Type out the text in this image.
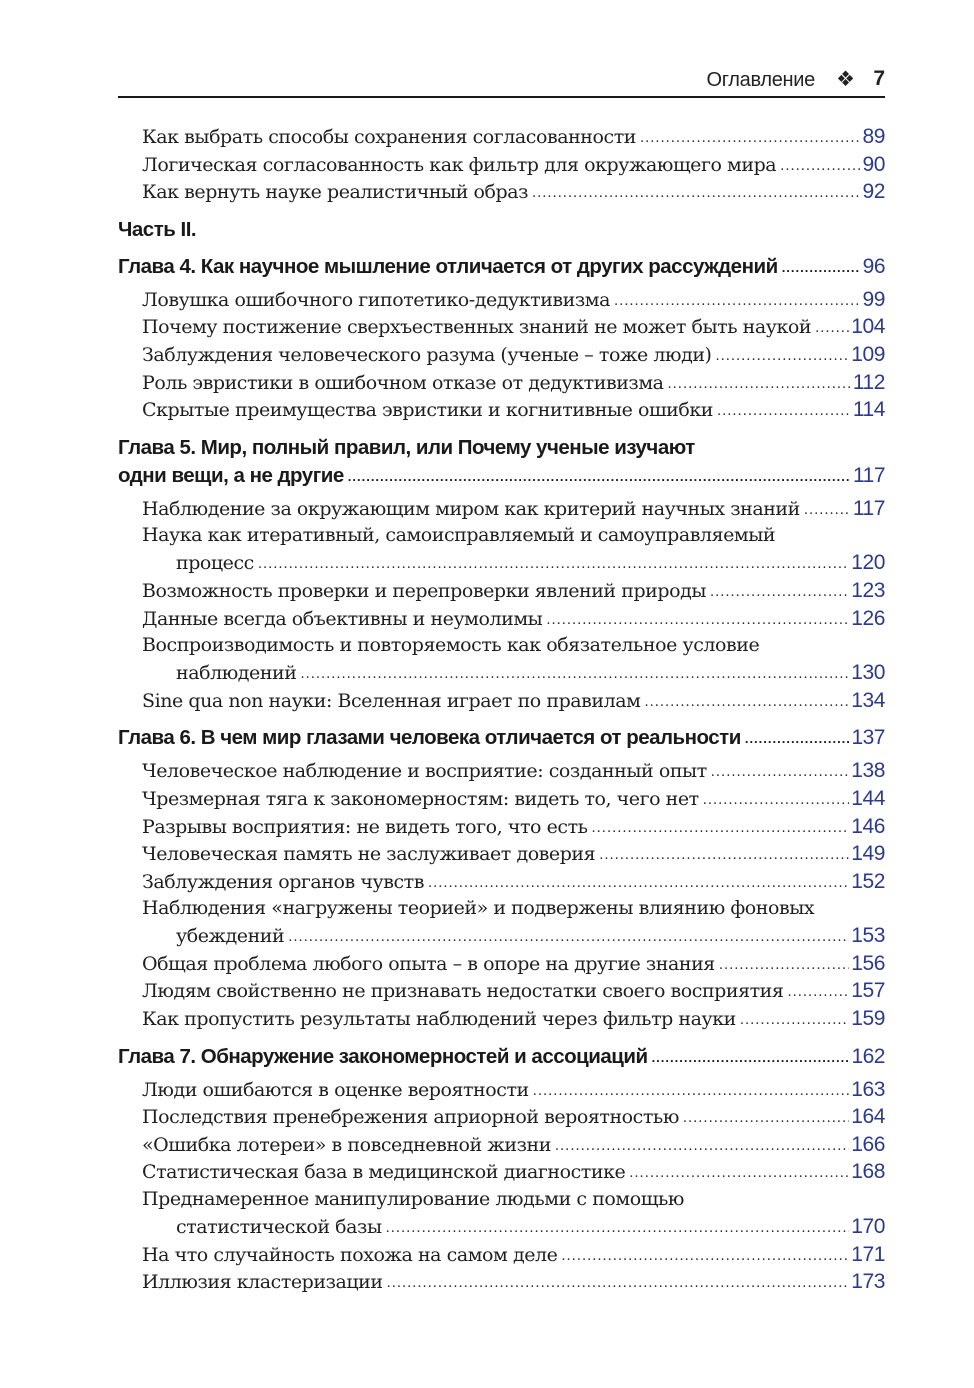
Оглавление ❖ 7
Как выбрать способы сохранения согласованности .....	89
Логическая согласованность как фильтр для окружающего мира .....	90
Как вернуть науке реалистичный образ .....	92
Часть II.
Глава 4. Как научное мышление отличается от других рассуждений .....	96
Ловушка ошибочного гипотетико-дедуктивизма .....	99
Почему постижение сверхъественных знаний не может быть наукой ..... 104
Заблуждения человеческого разума (ученые – тоже люди) .....	109
Роль эвристики в ошибочном отказе от дедуктивизма .....	112
Скрытые преимущества эвристики и когнитивные ошибки .....	114
Глава 5. Мир, полный правил, или Почему ученые изучают
одни вещи, а не другие .....	117
Наблюдение за окружающим миром как критерий научных знаний .....	117
Наука как итеративный, самоисправляемый и самоуправляемый
процесс .....	120
Возможность проверки и перепроверки явлений природы .....	123
Данные всегда объективны и неумолимы .....	126
Воспроизводимость и повторяемость как обязательное условие
наблюдений .....	130
Sine qua non науки: Вселенная играет по правилам .....	134
Глава 6. В чем мир глазами человека отличается от реальности .....	137
Человеческое наблюдение и восприятие: созданный опыт .....	138
Чрезмерная тяга к закономерностям: видеть то, чего нет .....	144
Разрывы восприятия: не видеть того, что есть .....	146
Человеческая память не заслуживает доверия .....	149
Заблуждения органов чувств .....	152
Наблюдения «нагружены теорией» и подвержены влиянию фоновых
убеждений .....	153
Общая проблема любого опыта – в опоре на другие знания .....	156
Людям свойственно не признавать недостатки своего восприятия .....	157
Как пропустить результаты наблюдений через фильтр науки .....	159
Глава 7. Обнаружение закономерностей и ассоциаций .....	162
Люди ошибаются в оценке вероятности .....	163
Последствия пренебрежения априорной вероятностью .....	164
«Ошибка лотереи» в повседневной жизни .....	166
Статистическая база в медицинской диагностике .....	168
Преднамеренное манипулирование людьми с помощью
статистической базы .....	170
На что случайность похожа на самом деле .....	171
Иллюзия кластеризации .....	173
